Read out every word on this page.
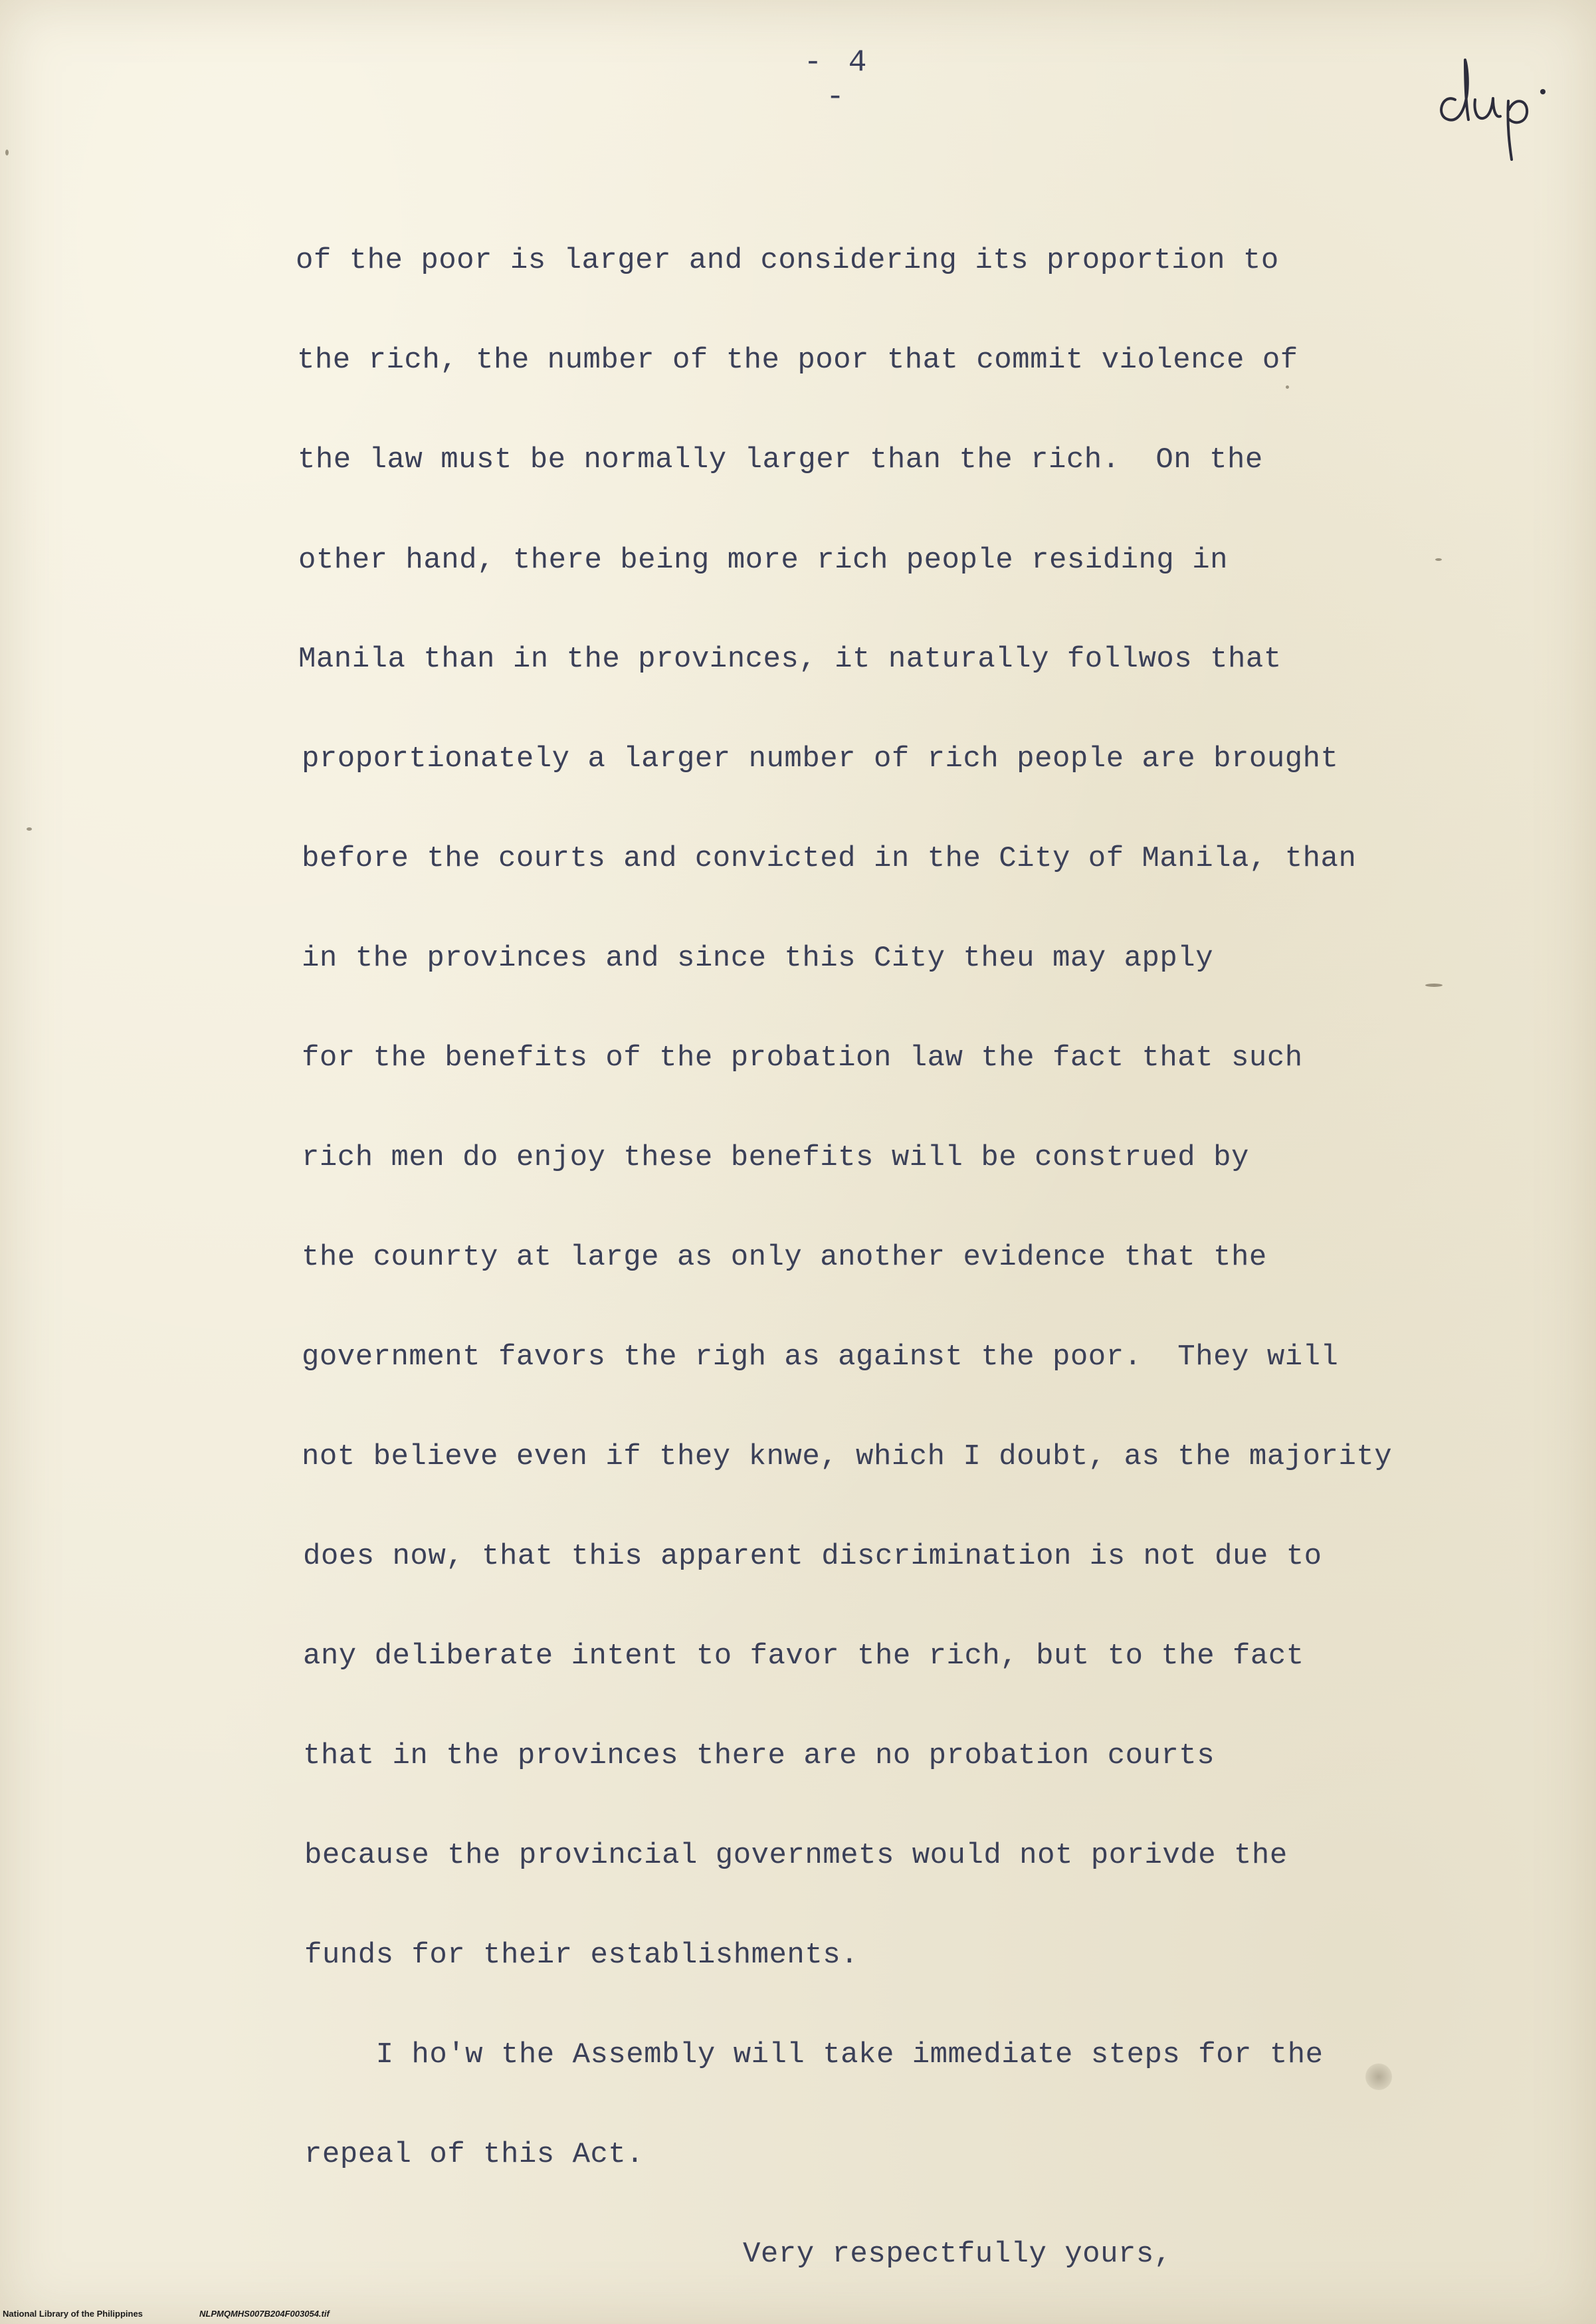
- 4 -
of the poor is larger and considering its proportion to
the rich, the number of the poor that commit violence of
the law must be normally larger than the rich.  On the
other hand, there being more rich people residing in
Manila than in the provinces, it naturally follwos that
proportionately a larger number of rich people are brought
before the courts and convicted in the City of Manila, than
in the provinces and since this City theu may apply
for the benefits of the probation law the fact that such
rich men do enjoy these benefits will be construed by
the counrty at large as only another evidence that the
government favors the righ as against the poor.  They will
not believe even if they knwe, which I doubt, as the majority
does now, that this apparent discrimination is not due to
any deliberate intent to favor the rich, but to the fact
that in the provinces there are no probation courts
because the provincial governmets would not porivde the
funds for their establishments.
I ho'w the Assembly will take immediate steps for the
repeal of this Act.
Very respectfully yours,
National Library of the Philippines	NLPMQMHS007B204F003054.tif
